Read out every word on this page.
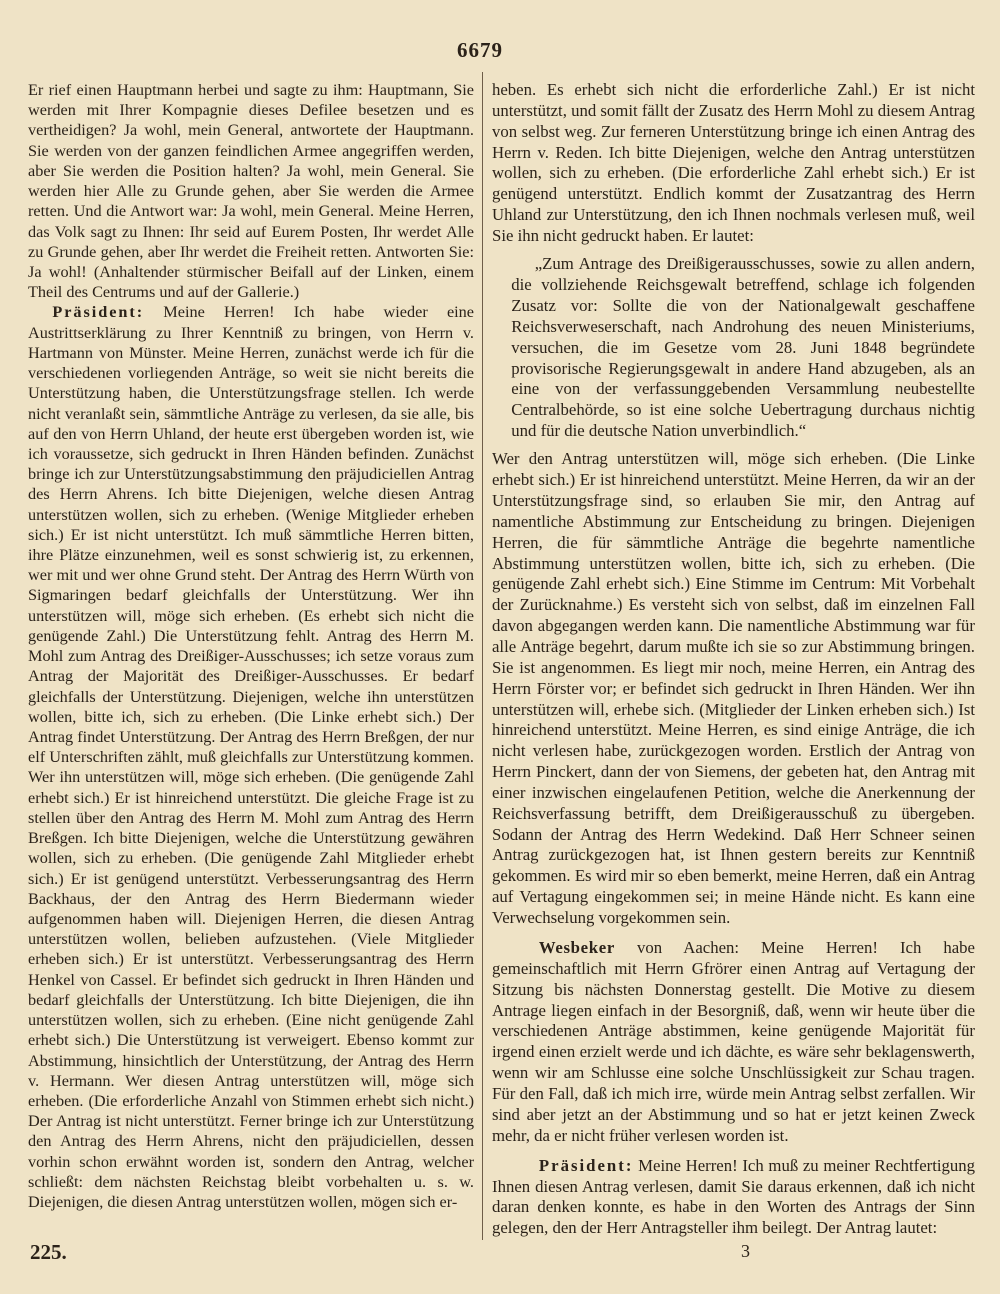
6679

Er rief einen Hauptmann herbei und sagte zu ihm: Hauptmann, Sie werden mit Ihrer Kompagnie dieses Defilee besetzen und es vertheidigen? Ja wohl, mein General, antwortete der Hauptmann. Sie werden von der ganzen feindlichen Armee angegriffen werden, aber Sie werden die Position halten? Ja wohl, mein General. Sie werden hier Alle zu Grunde gehen, aber Sie werden die Armee retten. Und die Antwort war: Ja wohl, mein General. Meine Herren, das Volk sagt zu Ihnen: Ihr seid auf Eurem Posten, Ihr werdet Alle zu Grunde gehen, aber Ihr werdet die Freiheit retten. Antworten Sie: Ja wohl! (Anhaltender stürmischer Beifall auf der Linken, einem Theil des Centrums und auf der Gallerie.)

Präsident: Meine Herren! Ich habe wieder eine Austrittserklärung zu Ihrer Kenntniß zu bringen, von Herrn v. Hartmann von Münster. Meine Herren, zunächst werde ich für die verschiedenen vorliegenden Anträge, so weit sie nicht bereits die Unterstützung haben, die Unterstützungsfrage stellen. Ich werde nicht veranlaßt sein, sämmtliche Anträge zu verlesen, da sie alle, bis auf den von Herrn Uhland, der heute erst übergeben worden ist, wie ich voraussetze, sich gedruckt in Ihren Händen befinden. Zunächst bringe ich zur Unterstützungsabstimmung den präjudiciellen Antrag des Herrn Ahrens. Ich bitte Diejenigen, welche diesen Antrag unterstützen wollen, sich zu erheben. (Wenige Mitglieder erheben sich.) Er ist nicht unterstützt. Ich muß sämmtliche Herren bitten, ihre Plätze einzunehmen, weil es sonst schwierig ist, zu erkennen, wer mit und wer ohne Grund steht. Der Antrag des Herrn Würth von Sigmaringen bedarf gleichfalls der Unterstützung. Wer ihn unterstützen will, möge sich erheben. (Es erhebt sich nicht die genügende Zahl.) Die Unterstützung fehlt. Antrag des Herrn M. Mohl zum Antrag des Dreißiger-Ausschusses; ich setze voraus zum Antrag der Majorität des Dreißiger-Ausschusses. Er bedarf gleichfalls der Unterstützung. Diejenigen, welche ihn unterstützen wollen, bitte ich, sich zu erheben. (Die Linke erhebt sich.) Der Antrag findet Unterstützung. Der Antrag des Herrn Breßgen, der nur elf Unterschriften zählt, muß gleichfalls zur Unterstützung kommen. Wer ihn unterstützen will, möge sich erheben. (Die genügende Zahl erhebt sich.) Er ist hinreichend unterstützt. Die gleiche Frage ist zu stellen über den Antrag des Herrn M. Mohl zum Antrag des Herrn Breßgen. Ich bitte Diejenigen, welche die Unterstützung gewähren wollen, sich zu erheben. (Die genügende Zahl Mitglieder erhebt sich.) Er ist genügend unterstützt. Verbesserungsantrag des Herrn Backhaus, der den Antrag des Herrn Biedermann wieder aufgenommen haben will. Diejenigen Herren, die diesen Antrag unterstützen wollen, belieben aufzustehen. (Viele Mitglieder erheben sich.) Er ist unterstützt. Verbesserungsantrag des Herrn Henkel von Cassel. Er befindet sich gedruckt in Ihren Händen und bedarf gleichfalls der Unterstützung. Ich bitte Diejenigen, die ihn unterstützen wollen, sich zu erheben. (Eine nicht genügende Zahl erhebt sich.) Die Unterstützung ist verweigert. Ebenso kommt zur Abstimmung, hinsichtlich der Unterstützung, der Antrag des Herrn v. Hermann. Wer diesen Antrag unterstützen will, möge sich erheben. (Die erforderliche Anzahl von Stimmen erhebt sich nicht.) Der Antrag ist nicht unterstützt. Ferner bringe ich zur Unterstützung den Antrag des Herrn Ahrens, nicht den präjudiciellen, dessen vorhin schon erwähnt worden ist, sondern den Antrag, welcher schließt: dem nächsten Reichstag bleibt vorbehalten u. s. w. Diejenigen, die diesen Antrag unterstützen wollen, mögen sich er-

heben. Es erhebt sich nicht die erforderliche Zahl.) Er ist nicht unterstützt, und somit fällt der Zusatz des Herrn Mohl zu diesem Antrag von selbst weg. Zur ferneren Unterstützung bringe ich einen Antrag des Herrn v. Reden. Ich bitte Diejenigen, welche den Antrag unterstützen wollen, sich zu erheben. (Die erforderliche Zahl erhebt sich.) Er ist genügend unterstützt. Endlich kommt der Zusatzantrag des Herrn Uhland zur Unterstützung, den ich Ihnen nochmals verlesen muß, weil Sie ihn nicht gedruckt haben. Er lautet:

„Zum Antrage des Dreißigerausschusses, sowie zu allen andern, die vollziehende Reichsgewalt betreffend, schlage ich folgenden Zusatz vor: Sollte die von der Nationalgewalt geschaffene Reichsverweserschaft, nach Androhung des neuen Ministeriums, versuchen, die im Gesetze vom 28. Juni 1848 begründete provisorische Regierungsgewalt in andere Hand abzugeben, als an eine von der verfassunggebenden Versammlung neubestellte Centralbehörde, so ist eine solche Uebertragung durchaus nichtig und für die deutsche Nation unverbindlich.“

Wer den Antrag unterstützen will, möge sich erheben. (Die Linke erhebt sich.) Er ist hinreichend unterstützt. Meine Herren, da wir an der Unterstützungsfrage sind, so erlauben Sie mir, den Antrag auf namentliche Abstimmung zur Entscheidung zu bringen. Diejenigen Herren, die für sämmtliche Anträge die begehrte namentliche Abstimmung unterstützen wollen, bitte ich, sich zu erheben. (Die genügende Zahl erhebt sich.) Eine Stimme im Centrum: Mit Vorbehalt der Zurücknahme.) Es versteht sich von selbst, daß im einzelnen Fall davon abgegangen werden kann. Die namentliche Abstimmung war für alle Anträge begehrt, darum mußte ich sie so zur Abstimmung bringen. Sie ist angenommen. Es liegt mir noch, meine Herren, ein Antrag des Herrn Förster vor; er befindet sich gedruckt in Ihren Händen. Wer ihn unterstützen will, erhebe sich. (Mitglieder der Linken erheben sich.) Ist hinreichend unterstützt. Meine Herren, es sind einige Anträge, die ich nicht verlesen habe, zurückgezogen worden. Erstlich der Antrag von Herrn Pinckert, dann der von Siemens, der gebeten hat, den Antrag mit einer inzwischen eingelaufenen Petition, welche die Anerkennung der Reichsverfassung betrifft, dem Dreißigerausschuß zu übergeben. Sodann der Antrag des Herrn Wedekind. Daß Herr Schneer seinen Antrag zurückgezogen hat, ist Ihnen gestern bereits zur Kenntniß gekommen. Es wird mir so eben bemerkt, meine Herren, daß ein Antrag auf Vertagung eingekommen sei; in meine Hände nicht. Es kann eine Verwechselung vorgekommen sein.

Wesbeker von Aachen: Meine Herren! Ich habe gemeinschaftlich mit Herrn Gfrörer einen Antrag auf Vertagung der Sitzung bis nächsten Donnerstag gestellt. Die Motive zu diesem Antrage liegen einfach in der Besorgniß, daß, wenn wir heute über die verschiedenen Anträge abstimmen, keine genügende Majorität für irgend einen erzielt werde und ich dächte, es wäre sehr beklagenswerth, wenn wir am Schlusse eine solche Unschlüssigkeit zur Schau tragen. Für den Fall, daß ich mich irre, würde mein Antrag selbst zerfallen. Wir sind aber jetzt an der Abstimmung und so hat er jetzt keinen Zweck mehr, da er nicht früher verlesen worden ist.

Präsident: Meine Herren! Ich muß zu meiner Rechtfertigung Ihnen diesen Antrag verlesen, damit Sie daraus erkennen, daß ich nicht daran denken konnte, es habe in den Worten des Antrags der Sinn gelegen, den der Herr Antragsteller ihm beilegt. Der Antrag lautet:

225.	3
